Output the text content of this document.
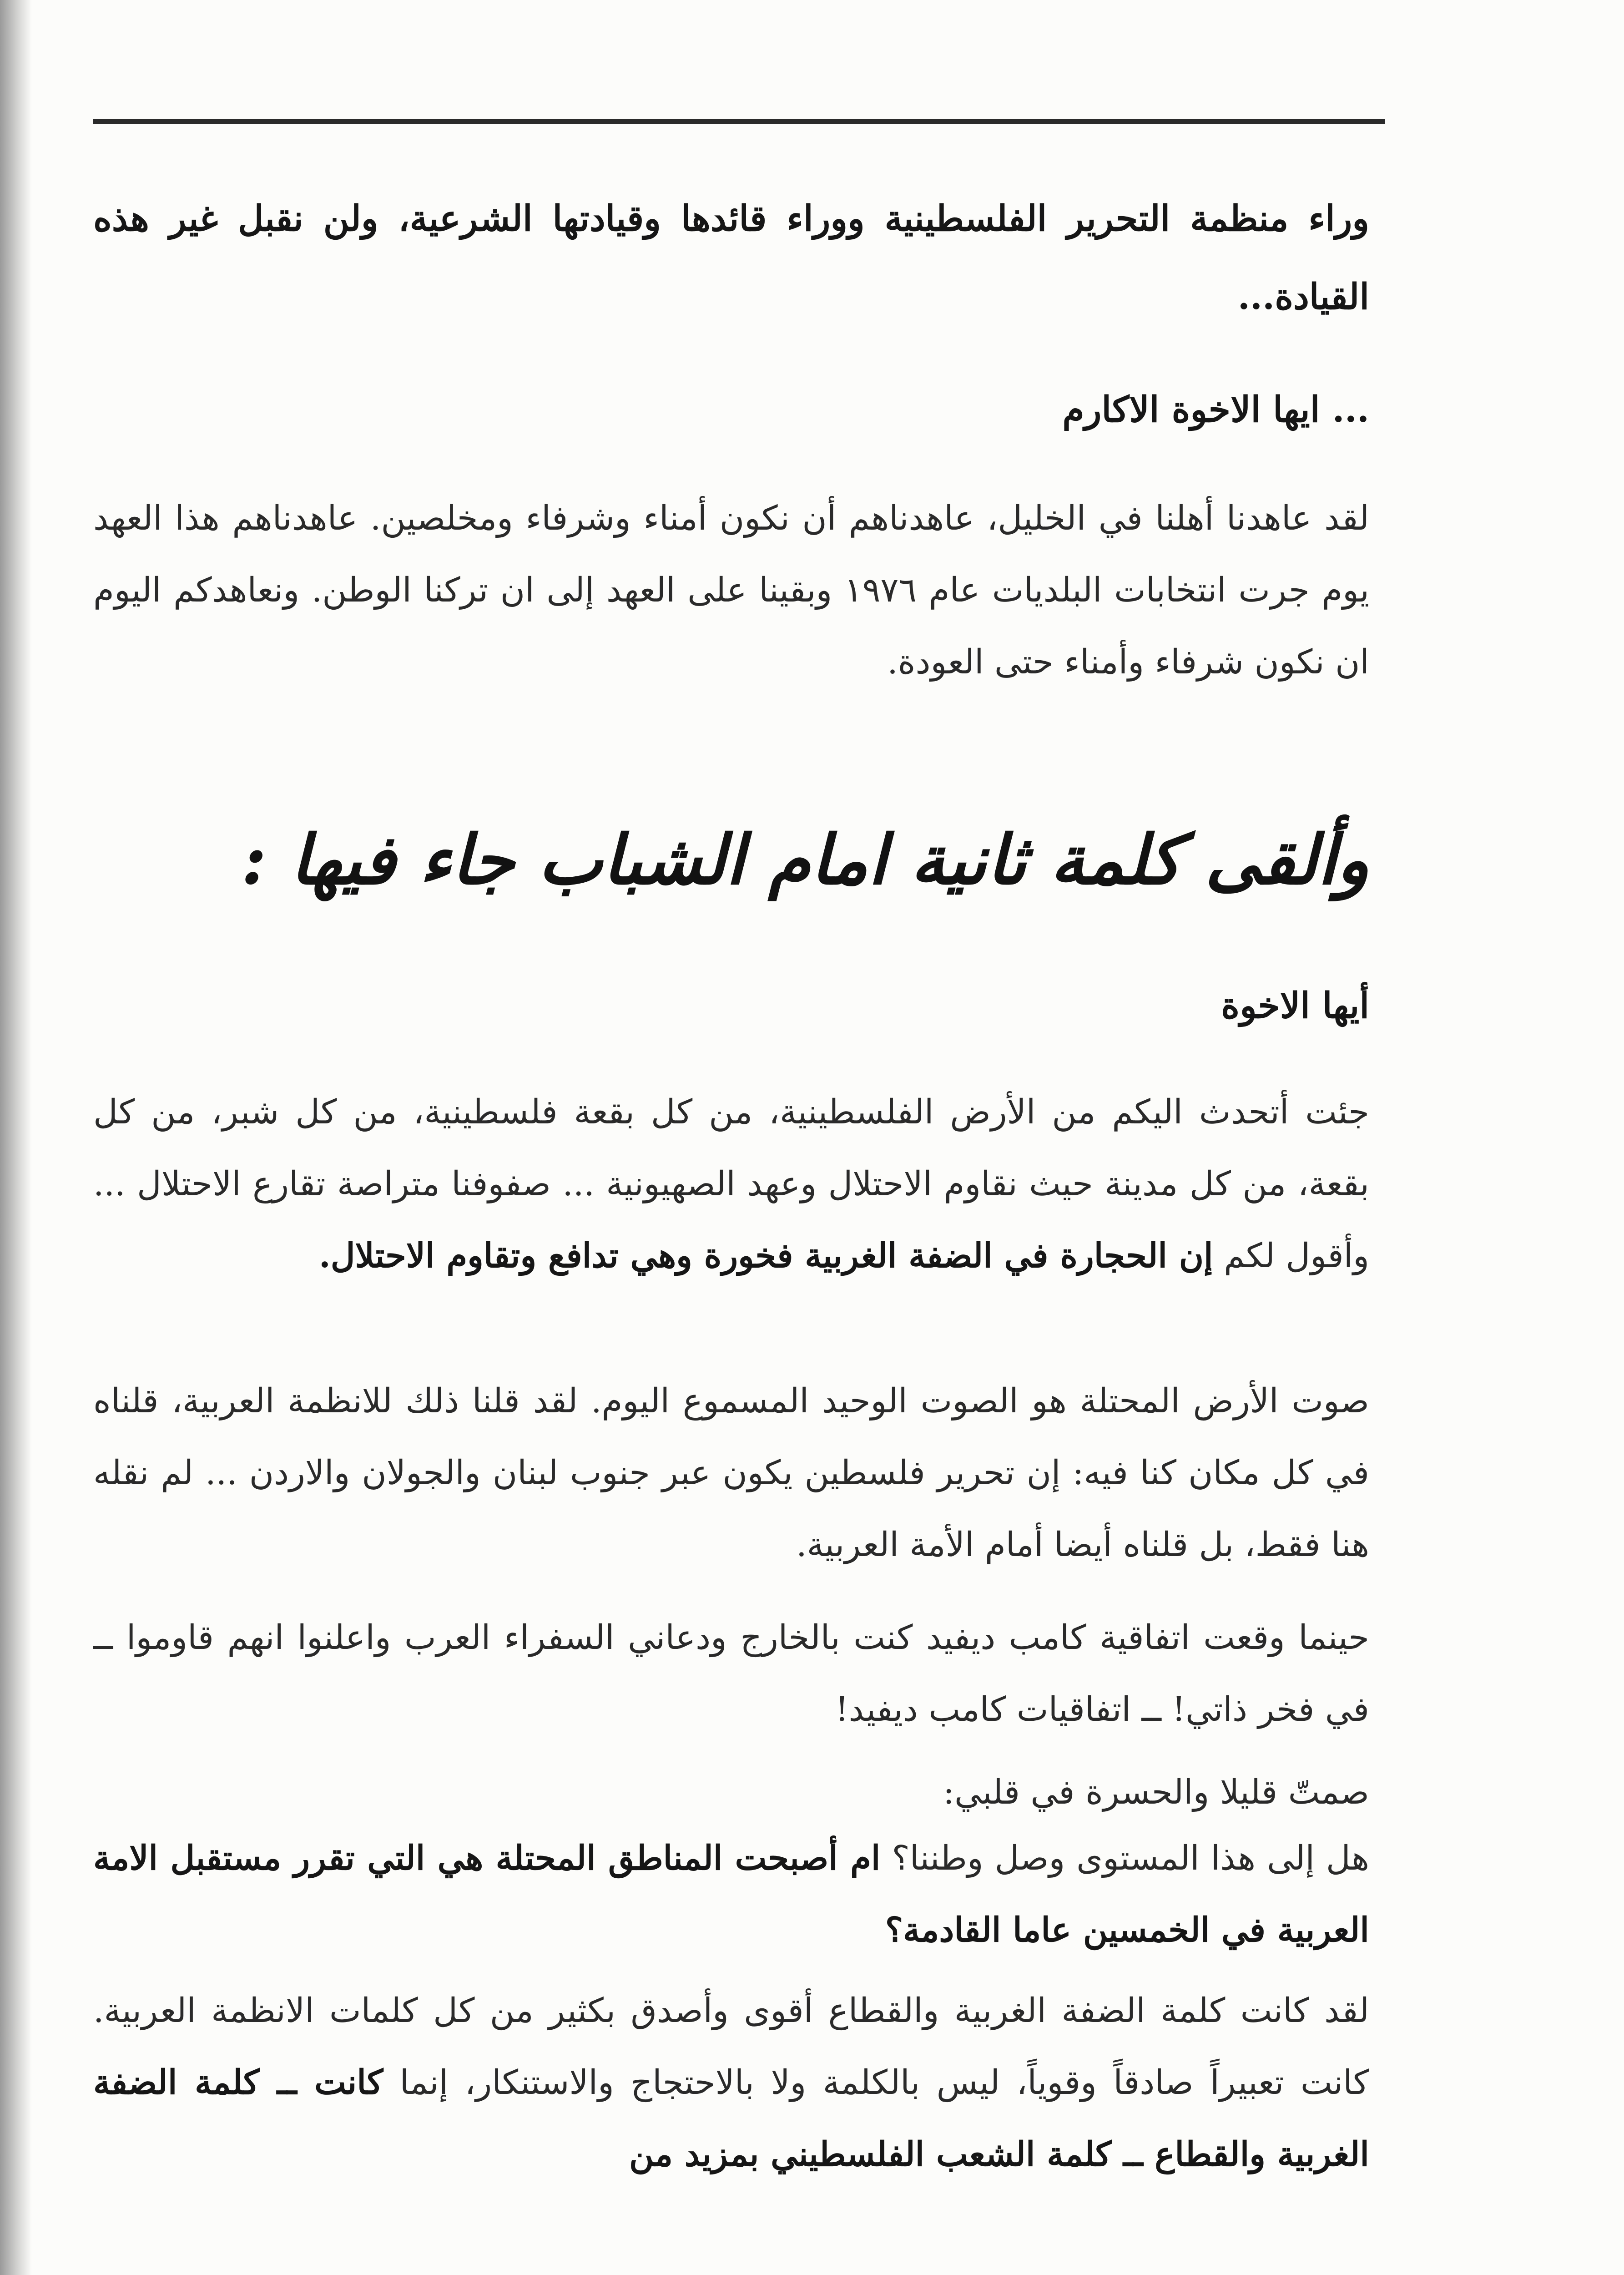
وراء منظمة التحرير الفلسطينية ووراء قائدها وقيادتها الشرعية، ولن نقبل غير هذه القيادة...

... ايها الاخوة الاكارم

لقد عاهدنا أهلنا في الخليل، عاهدناهم أن نكون أمناء وشرفاء ومخلصين. عاهدناهم هذا العهد يوم جرت انتخابات البلديات عام ١٩٧٦ وبقينا على العهد إلى ان تركنا الوطن. ونعاهدكم اليوم ان نكون شرفاء وأمناء حتى العودة.

وألقى كلمة ثانية امام الشباب جاء فيها :

أيها الاخوة

جئت أتحدث اليكم من الأرض الفلسطينية، من كل بقعة فلسطينية، من كل شبر، من كل بقعة، من كل مدينة حيث نقاوم الاحتلال وعهد الصهيونية ... صفوفنا متراصة تقارع الاحتلال ... وأقول لكم إن الحجارة في الضفة الغربية فخورة وهي تدافع وتقاوم الاحتلال.

صوت الأرض المحتلة هو الصوت الوحيد المسموع اليوم. لقد قلنا ذلك للانظمة العربية، قلناه في كل مكان كنا فيه: إن تحرير فلسطين يكون عبر جنوب لبنان والجولان والاردن ... لم نقله هنا فقط، بل قلناه أيضا أمام الأمة العربية.

حينما وقعت اتفاقية كامب ديفيد كنت بالخارج ودعاني السفراء العرب واعلنوا انهم قاوموا ــ في فخر ذاتي! ــ اتفاقيات كامب ديفيد!

صمتّ قليلا والحسرة في قلبي:

هل إلى هذا المستوى وصل وطننا؟ ام أصبحت المناطق المحتلة هي التي تقرر مستقبل الامة العربية في الخمسين عاما القادمة؟

لقد كانت كلمة الضفة الغربية والقطاع أقوى وأصدق بكثير من كل كلمات الانظمة العربية. كانت تعبيراً صادقاً وقوياً، ليس بالكلمة ولا بالاحتجاج والاستنكار، إنما كانت ــ كلمة الضفة الغربية والقطاع ــ كلمة الشعب الفلسطيني بمزيد من
